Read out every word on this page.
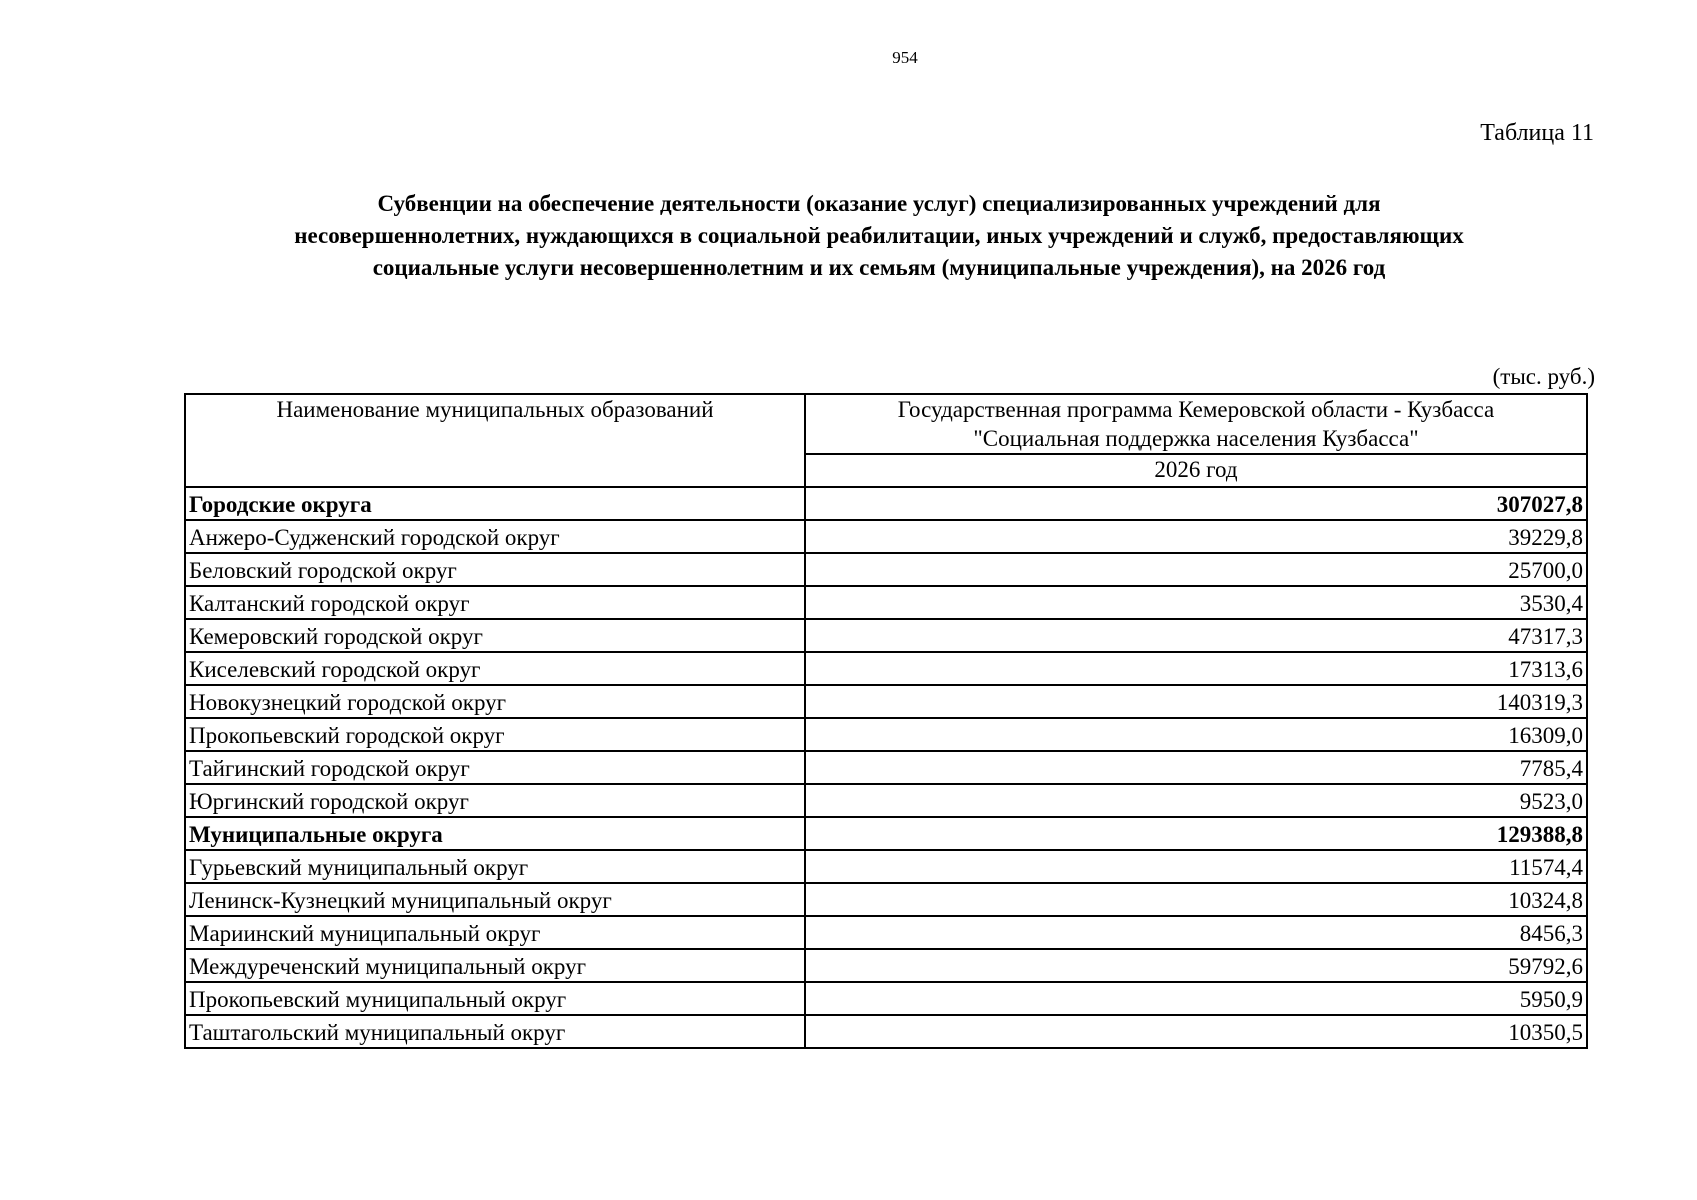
954
Таблица 11
Субвенции на обеспечение деятельности (оказание услуг) специализированных учреждений для
несовершеннолетних, нуждающихся в социальной реабилитации, иных учреждений и служб, предоставляющих
социальные услуги несовершеннолетним и их семьям (муниципальные учреждения), на 2026 год
(тыс. руб.)
Наименование муниципальных образований	Государственная программа Кемеровской области - Кузбасса
"Социальная поддержка населения Кузбасса"

	2026 год
Городские округа	307027,8
Анжеро-Судженский городской округ	39229,8
Беловский городской округ	25700,0
Калтанский городской округ	3530,4
Кемеровский городской округ	47317,3
Киселевский городской округ	17313,6
Новокузнецкий городской округ	140319,3
Прокопьевский городской округ	16309,0
Тайгинский городской округ	7785,4
Юргинский городской округ	9523,0
Муниципальные округа	129388,8
Гурьевский муниципальный округ	11574,4
Ленинск-Кузнецкий муниципальный округ	10324,8
Мариинский муниципальный округ	8456,3
Междуреченский муниципальный округ	59792,6
Прокопьевский муниципальный округ	5950,9
Таштагольский муниципальный округ	10350,5
